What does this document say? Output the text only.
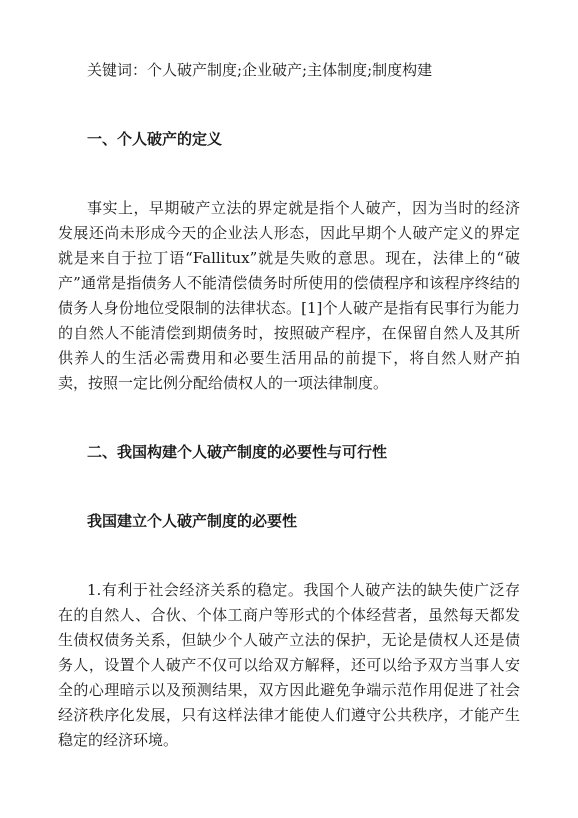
关键词：个人破产制度;企业破产;主体制度;制度构建

一、个人破产的定义

事实上，早期破产立法的界定就是指个人破产，因为当时的经济发展还尚未形成今天的企业法人形态，因此早期个人破产定义的界定就是来自于拉丁语“Fallitux”就是失败的意思。现在，法律上的“破产”通常是指债务人不能清偿债务时所使用的偿债程序和该程序终结的债务人身份地位受限制的法律状态。[1]个人破产是指有民事行为能力的自然人不能清偿到期债务时，按照破产程序，在保留自然人及其所供养人的生活必需费用和必要生活用品的前提下，将自然人财产拍卖，按照一定比例分配给债权人的一项法律制度。

二、我国构建个人破产制度的必要性与可行性
我国建立个人破产制度的必要性

1.有利于社会经济关系的稳定。我国个人破产法的缺失使广泛存在的自然人、合伙、个体工商户等形式的个体经营者，虽然每天都发生债权债务关系，但缺少个人破产立法的保护，无论是债权人还是债务人，设置个人破产不仅可以给双方解释，还可以给予双方当事人安全的心理暗示以及预测结果，双方因此避免争端示范作用促进了社会经济秩序化发展，只有这样法律才能使人们遵守公共秩序，才能产生稳定的经济环境。
